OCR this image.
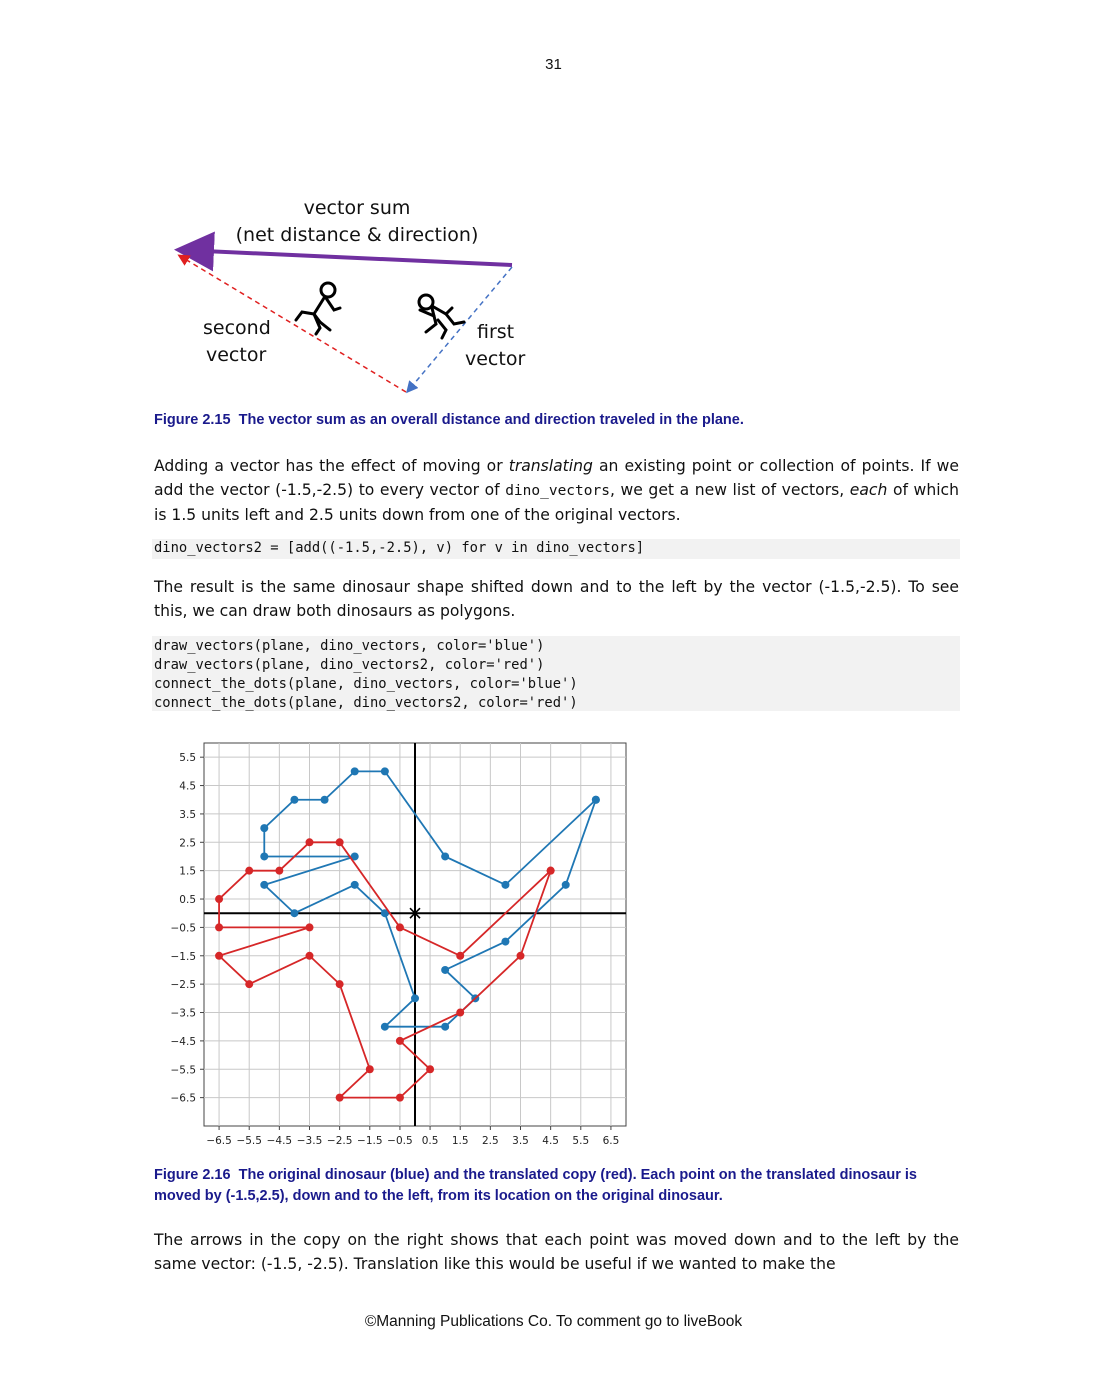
31
vector sum
(net distance & direction)
second
vector
first
vector
Figure 2.15 The vector sum as an overall distance and direction traveled in the plane.
Adding a vector has the effect of moving or translating an existing point or collection of points. If we add the vector (-1.5,-2.5) to every vector of dino_vectors, we get a new list of vectors, each of which is 1.5 units left and 2.5 units down from one of the original vectors.
dino_vectors2 = [add((-1.5,-2.5), v) for v in dino_vectors]
The result is the same dinosaur shape shifted down and to the left by the vector (-1.5,-2.5). To see this, we can draw both dinosaurs as polygons.
draw_vectors(plane, dino_vectors, color='blue')
draw_vectors(plane, dino_vectors2, color='red')
connect_the_dots(plane, dino_vectors, color='blue')
connect_the_dots(plane, dino_vectors2, color='red')
−6.5 −5.5 −4.5 −3.5 −2.5 −1.5 −0.5 0.5 1.5 2.5 3.5 4.5 5.5 6.5
5.5
4.5
3.5
2.5
1.5
0.5
−0.5
−1.5
−2.5
−3.5
−4.5
−5.5
−6.5
Figure 2.16 The original dinosaur (blue) and the translated copy (red). Each point on the translated dinosaur is moved by (-1.5,2.5), down and to the left, from its location on the original dinosaur.
The arrows in the copy on the right shows that each point was moved down and to the left by the same vector: (-1.5, -2.5). Translation like this would be useful if we wanted to make the
©Manning Publications Co. To comment go to liveBook
